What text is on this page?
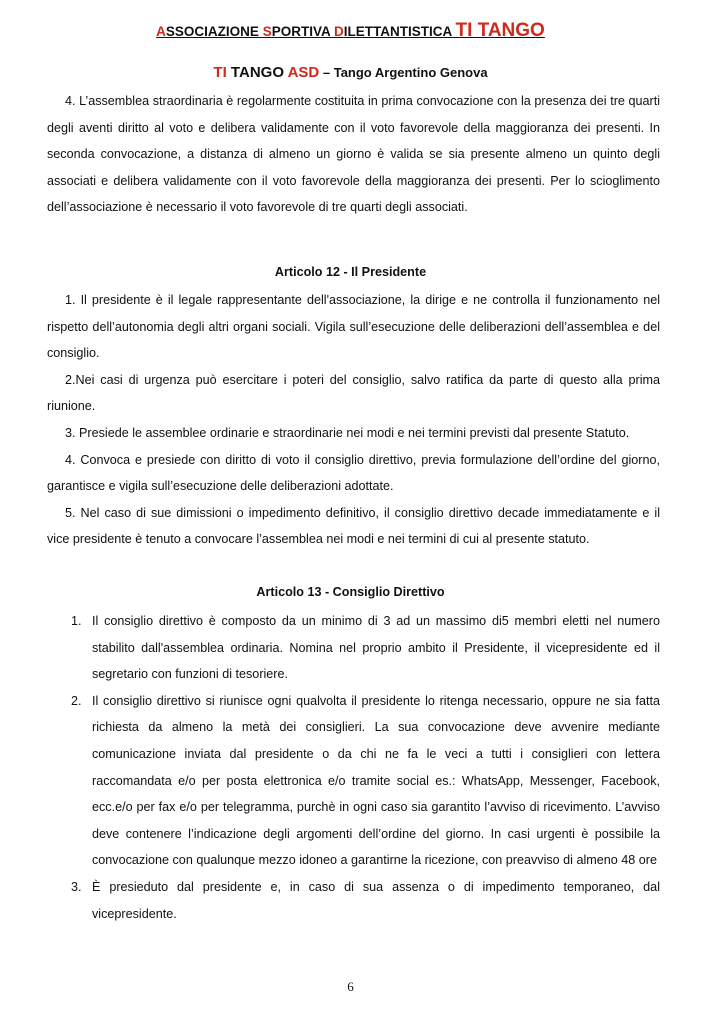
ASSOCIAZIONE SPORTIVA DILETTANTISTICA TI TANGO
TI TANGO ASD – Tango Argentino Genova

4. L’assemblea straordinaria è regolarmente costituita in prima convocazione con la presenza dei tre quarti degli aventi diritto al voto e delibera validamente con il voto favorevole della maggioranza dei presenti. In seconda convocazione, a distanza di almeno un giorno è valida se sia presente almeno un quinto degli associati e delibera validamente con il voto favorevole della maggioranza dei presenti. Per lo scioglimento dell’associazione è necessario il voto favorevole di tre quarti degli associati.

Articolo 12 - Il Presidente

1. Il presidente è il legale rappresentante dell'associazione, la dirige e ne controlla il funzionamento nel rispetto dell’autonomia degli altri organi sociali. Vigila sull’esecuzione delle deliberazioni dell’assemblea e del consiglio.

2.Nei casi di urgenza può esercitare i poteri del consiglio, salvo ratifica da parte di questo alla prima riunione.

3. Presiede le assemblee ordinarie e straordinarie nei modi e nei termini previsti dal presente Statuto.

4. Convoca e presiede con diritto di voto il consiglio direttivo, previa formulazione dell’ordine del giorno, garantisce e vigila sull’esecuzione delle deliberazioni adottate.

5. Nel caso di sue dimissioni o impedimento definitivo, il consiglio direttivo decade immediatamente e il vice presidente è tenuto a convocare l’assemblea nei modi e nei termini di cui al presente statuto.

Articolo 13 - Consiglio Direttivo
1. Il consiglio direttivo è composto da un minimo di 3 ad un massimo di5 membri eletti nel numero stabilito dall'assemblea ordinaria. Nomina nel proprio ambito il Presidente, il vicepresidente ed il segretario con funzioni di tesoriere.
2. Il consiglio direttivo si riunisce ogni qualvolta il presidente lo ritenga necessario, oppure ne sia fatta richiesta da almeno la metà dei consiglieri. La sua convocazione deve avvenire mediante comunicazione inviata dal presidente o da chi ne fa le veci a tutti i consiglieri con lettera raccomandata e/o per posta elettronica e/o tramite social es.: WhatsApp, Messenger, Facebook, ecc.e/o per fax e/o per telegramma, purchè in ogni caso sia garantito l’avviso di ricevimento. L’avviso deve contenere l’indicazione degli argomenti dell’ordine del giorno. In casi urgenti è possibile la convocazione con qualunque mezzo idoneo a garantirne la ricezione, con preavviso di almeno 48 ore
3. È presieduto dal presidente e, in caso di sua assenza o di impedimento temporaneo, dal vicepresidente.
6
